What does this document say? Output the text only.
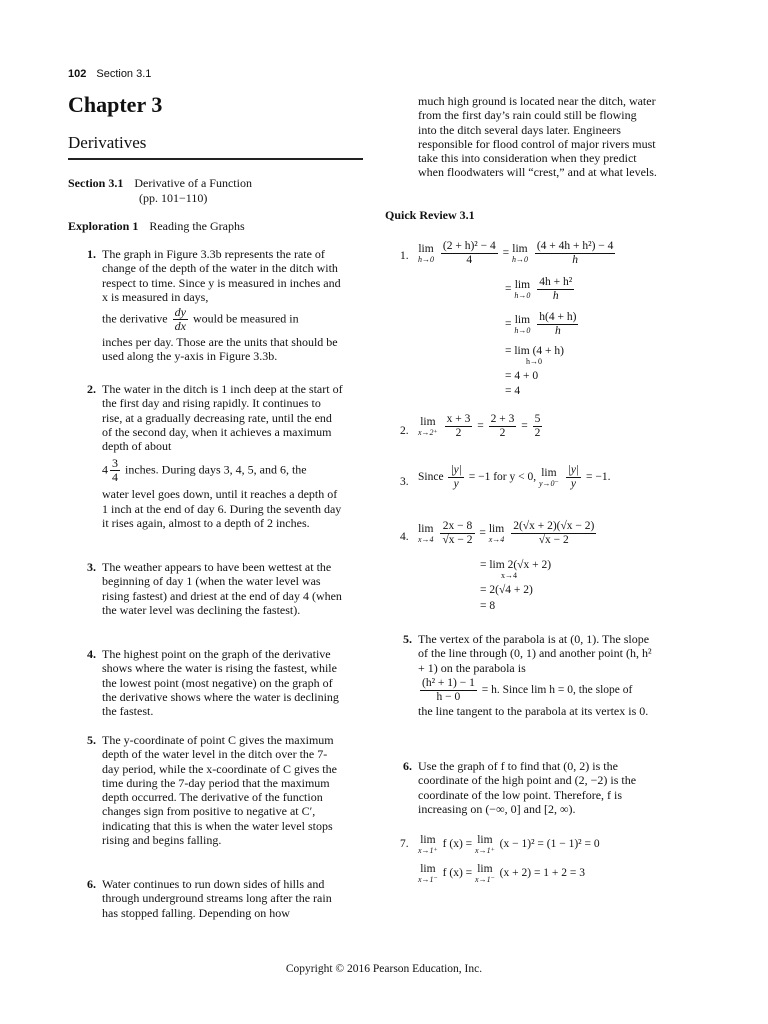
102 Section 3.1
Chapter 3
Derivatives
Section 3.1 Derivative of a Function
(pp. 101−110)
Exploration 1 Reading the Graphs
1. The graph in Figure 3.3b represents the rate of change of the depth of the water in the ditch with respect to time. Since y is measured in inches and x is measured in days,
the derivative $\frac{dy}{dx}$ would be measured in
inches per day. Those are the units that should be used along the y-axis in Figure 3.3b.
2. The water in the ditch is 1 inch deep at the start of the first day and rising rapidly. It continues to rise, at a gradually decreasing rate, until the end of the second day, when it achieves a maximum depth of about
$4 \frac{3}{4}$ inches. During days 3, 4, 5, and 6, the
water level goes down, until it reaches a depth of 1 inch at the end of day 6. During the seventh day it rises again, almost to a depth of 2 inches.
3. The weather appears to have been wettest at the beginning of day 1 (when the water level was rising fastest) and driest at the end of day 4 (when the water level was declining the fastest).
4. The highest point on the graph of the derivative shows where the water is rising the fastest, while the lowest point (most negative) on the graph of the derivative shows where the water is declining the fastest.
5. The y-coordinate of point C gives the maximum depth of the water level in the ditch over the 7-day period, while the x-coordinate of C gives the time during the 7-day period that the maximum depth occurred. The derivative of the function changes sign from positive to negative at C′, indicating that this is when the water level stops rising and begins falling.
6. Water continues to run down sides of hills and through underground streams long after the rain has stopped falling. Depending on how
much high ground is located near the ditch, water from the first day’s rain could still be flowing into the ditch several days later. Engineers responsible for flood control of major rivers must take this into consideration when they predict when floodwaters will “crest,” and at what levels.
Quick Review 3.1
1.
lim
h→0
$\frac{\text{(2 + h)² − 4}}{4} = \lim$
h→0
$\frac{\text{(4 + 4h + h²) − 4}}{h}$
= lim
h→0
$\frac{\text{4h + h²}}{h}$
= lim
h→0
$\frac{h(4 + h)}{h}$
= lim (4 + h)
h→0
= 4 + 0
= 4
2.
lim
x→2⁺
$\frac{x + 3}{2} = \frac{2 + 3}{2} = \frac{5}{2}$
3. Since $\frac{|y|}{y} = -1$ for y < 0, lim
y→0⁻
$\frac{|y|}{y} = -1$.
4.
lim
x→4
$\frac{2x - 8}{√x - 2} = \lim$
x→4
$\frac{2(√x + 2)(√x - 2)}{√x - 2}$
= lim 2(√x + 2)
x→4
= 2(√4 + 2)
= 8
5. The vertex of the parabola is at (0, 1). The slope of the line through (0, 1) and another point (h, h² + 1) on the parabola is
$\frac{\text{(h² + 1) − 1}}{h - 0} = h$. Since lim h = 0, the slope of
the line tangent to the parabola at its vertex is 0.
6. Use the graph of f to find that (0, 2) is the coordinate of the high point and (2, −2) is the coordinate of the low point. Therefore, f is increasing on (−∞, 0] and [2, ∞).
7. lim
x→1⁺
f (x) = lim
x→1⁺
(x − 1)² = (1 − 1)² = 0
lim
x→1⁻
f (x) = lim
x→1⁻
(x + 2) = 1 + 2 = 3
Copyright © 2016 Pearson Education, Inc.
